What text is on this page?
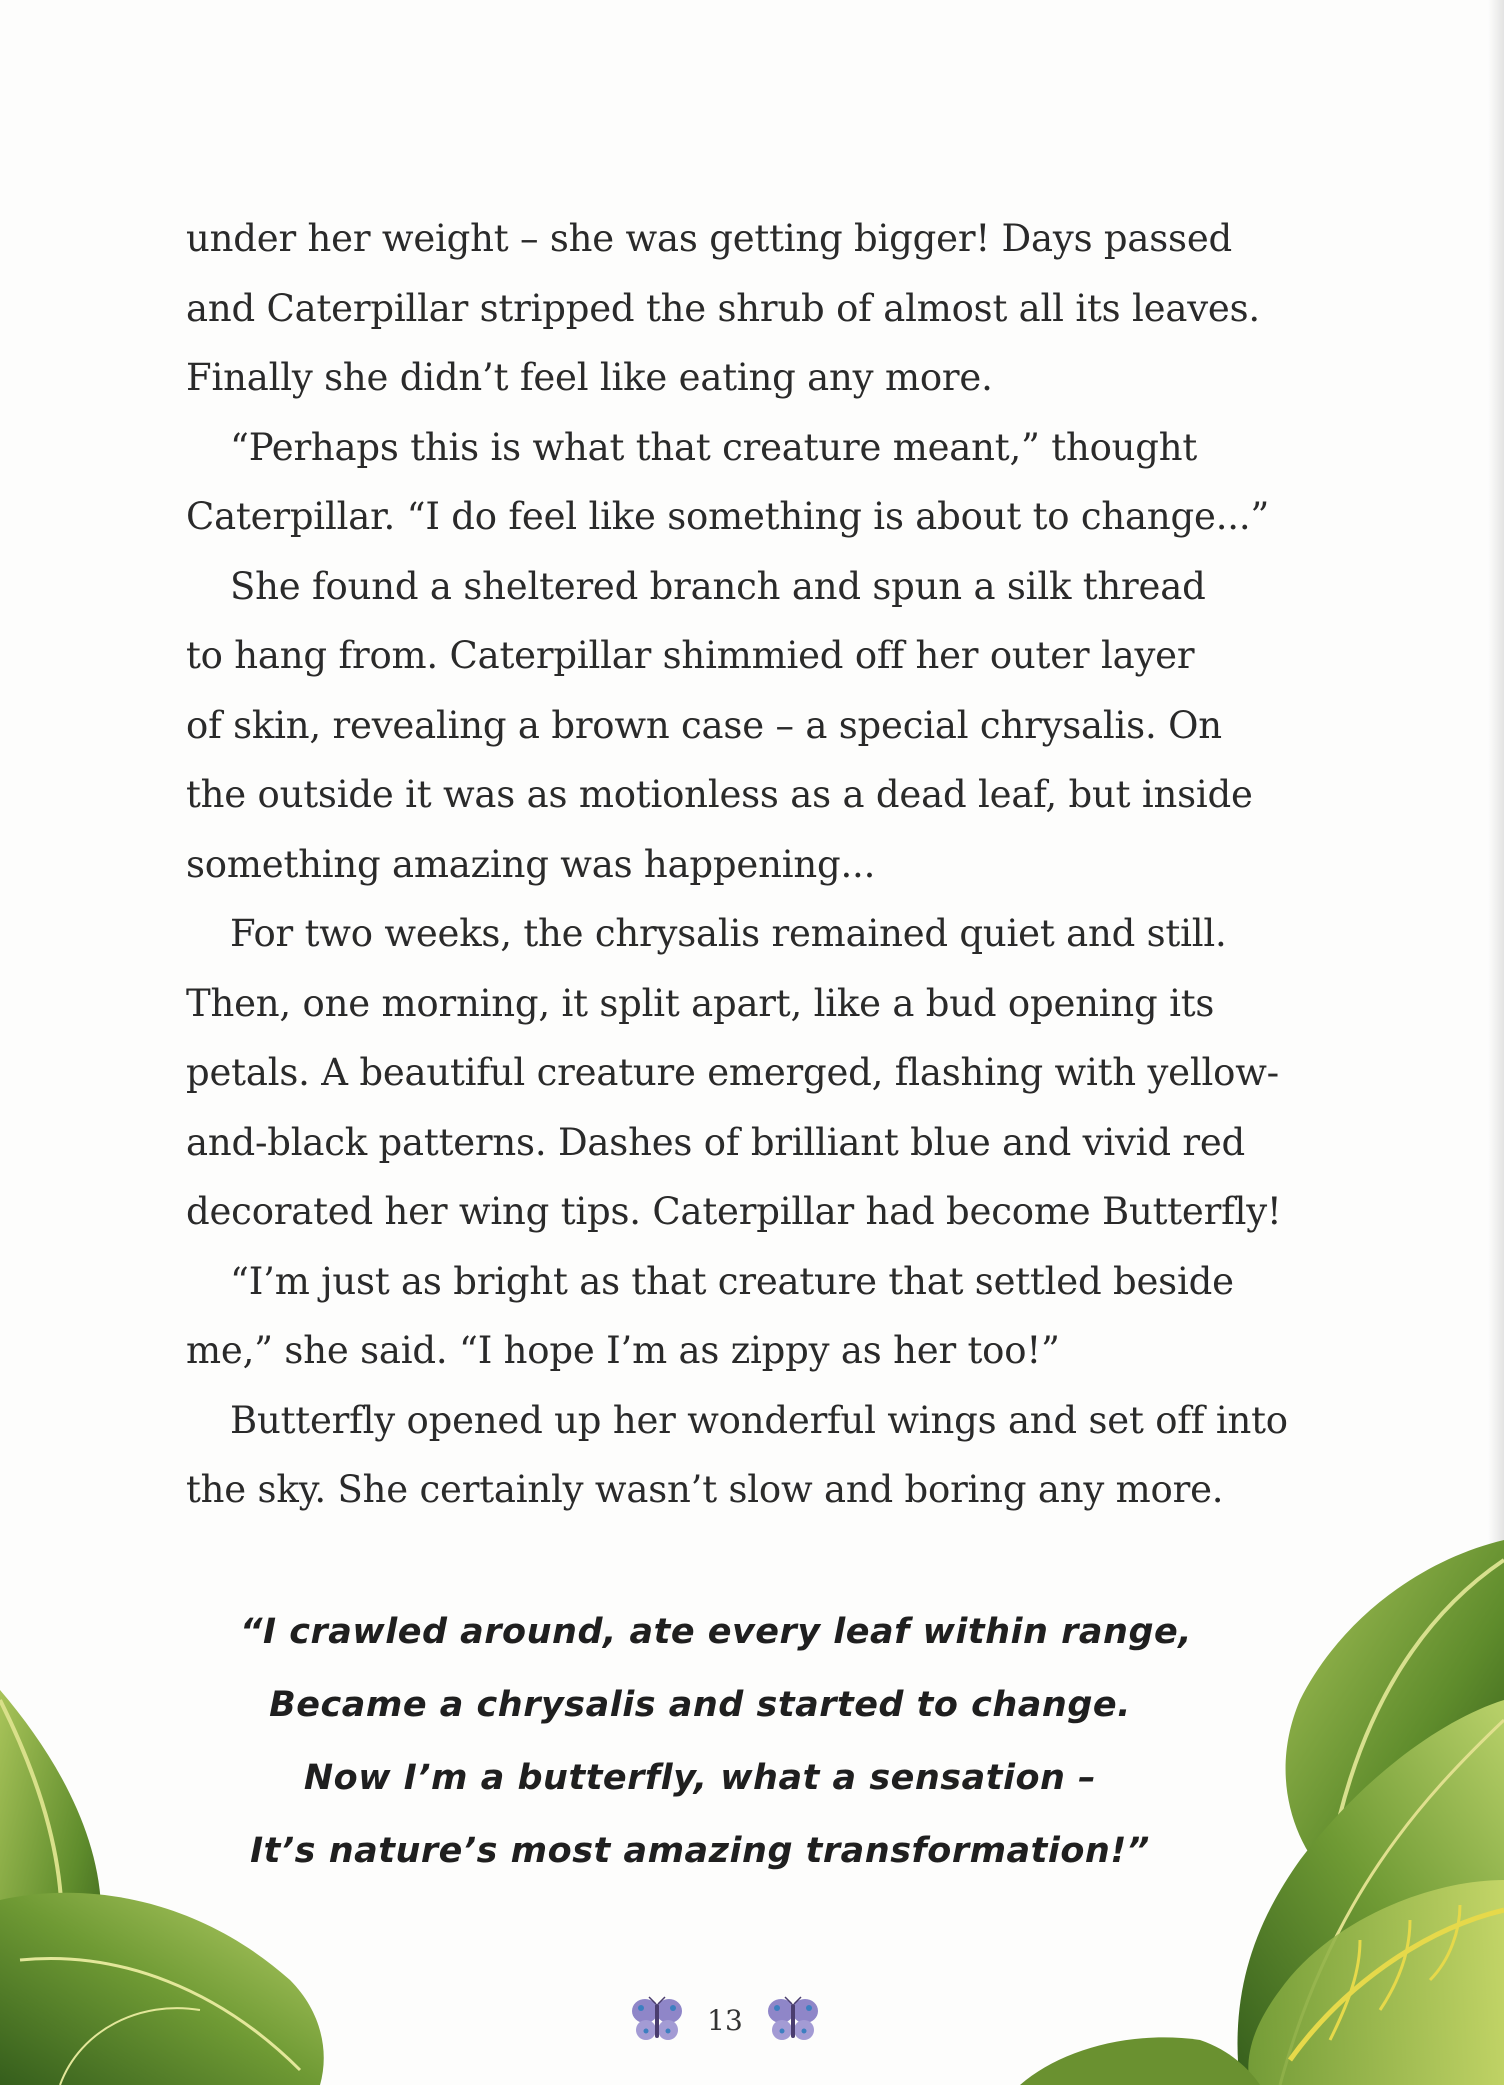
under her weight – she was getting bigger! Days passed
and Caterpillar stripped the shrub of almost all its leaves.
Finally she didn’t feel like eating any more.
“Perhaps this is what that creature meant,” thought
Caterpillar. “I do feel like something is about to change...”
She found a sheltered branch and spun a silk thread
to hang from. Caterpillar shimmied off her outer layer
of skin, revealing a brown case – a special chrysalis. On
the outside it was as motionless as a dead leaf, but inside
something amazing was happening...
For two weeks, the chrysalis remained quiet and still.
Then, one morning, it split apart, like a bud opening its
petals. A beautiful creature emerged, flashing with yellow-
and-black patterns. Dashes of brilliant blue and vivid red
decorated her wing tips. Caterpillar had become Butterfly!
“I’m just as bright as that creature that settled beside
me,” she said. “I hope I’m as zippy as her too!”
Butterfly opened up her wonderful wings and set off into
the sky. She certainly wasn’t slow and boring any more.
“I crawled around, ate every leaf within range,
Became a chrysalis and started to change.
Now I’m a butterfly, what a sensation –
It’s nature’s most amazing transformation!”
13
